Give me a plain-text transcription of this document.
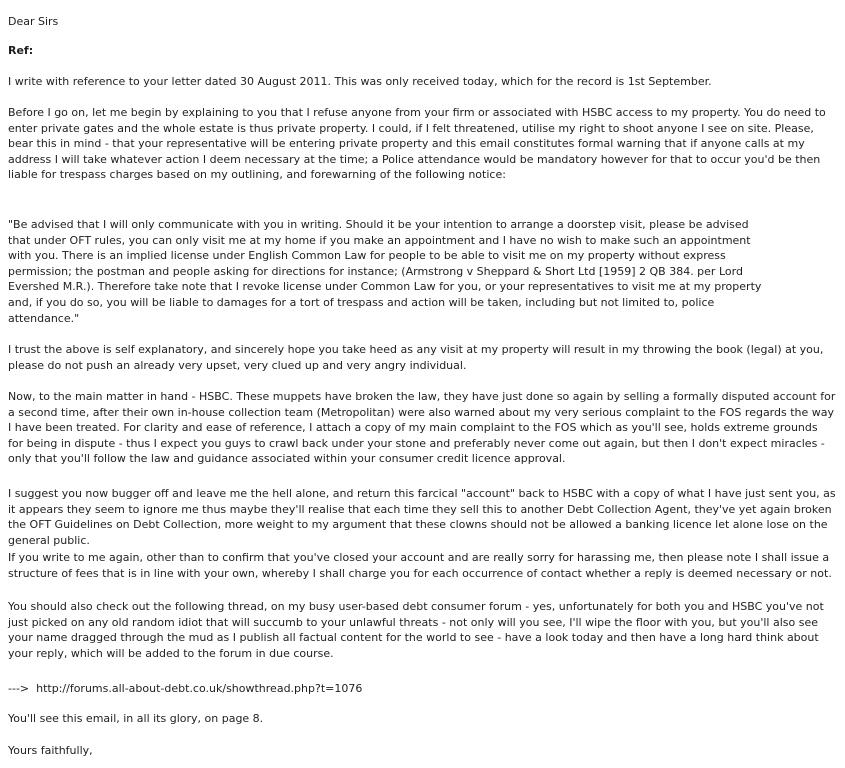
Dear Sirs

Ref:

I write with reference to your letter dated 30 August 2011. This was only received today, which for the record is 1st September.

Before I go on, let me begin by explaining to you that I refuse anyone from your firm or associated with HSBC access to my property. You do need to enter private gates and the whole estate is thus private property. I could, if I felt threatened, utilise my right to shoot anyone I see on site. Please, bear this in mind - that your representative will be entering private property and this email constitutes formal warning that if anyone calls at my address I will take whatever action I deem necessary at the time; a Police attendance would be mandatory however for that to occur you'd be then liable for trespass charges based on my outlining, and forewarning of the following notice:

"Be advised that I will only communicate with you in writing. Should it be your intention to arrange a doorstep visit, please be advised that under OFT rules, you can only visit me at my home if you make an appointment and I have no wish to make such an appointment with you. There is an implied license under English Common Law for people to be able to visit me on my property without express permission; the postman and people asking for directions for instance; (Armstrong v Sheppard & Short Ltd [1959] 2 QB 384. per Lord Evershed M.R.). Therefore take note that I revoke license under Common Law for you, or your representatives to visit me at my property and, if you do so, you will be liable to damages for a tort of trespass and action will be taken, including but not limited to, police attendance."

I trust the above is self explanatory, and sincerely hope you take heed as any visit at my property will result in my throwing the book (legal) at you, please do not push an already very upset, very clued up and very angry individual.

Now, to the main matter in hand - HSBC. These muppets have broken the law, they have just done so again by selling a formally disputed account for a second time, after their own in-house collection team (Metropolitan) were also warned about my very serious complaint to the FOS regards the way I have been treated. For clarity and ease of reference, I attach a copy of my main complaint to the FOS which as you'll see, holds extreme grounds for being in dispute - thus I expect you guys to crawl back under your stone and preferably never come out again, but then I don't expect miracles - only that you'll follow the law and guidance associated within your consumer credit licence approval.

I suggest you now bugger off and leave me the hell alone, and return this farcical "account" back to HSBC with a copy of what I have just sent you, as it appears they seem to ignore me thus maybe they'll realise that each time they sell this to another Debt Collection Agent, they've yet again broken the OFT Guidelines on Debt Collection, more weight to my argument that these clowns should not be allowed a banking licence let alone lose on the general public.

If you write to me again, other than to confirm that you've closed your account and are really sorry for harassing me, then please note I shall issue a structure of fees that is in line with your own, whereby I shall charge you for each occurrence of contact whether a reply is deemed necessary or not.

You should also check out the following thread, on my busy user-based debt consumer forum - yes, unfortunately for both you and HSBC you've not just picked on any old random idiot that will succumb to your unlawful threats - not only will you see, I'll wipe the floor with you, but you'll also see your name dragged through the mud as I publish all factual content for the world to see - have a look today and then have a long hard think about your reply, which will be added to the forum in due course.

---> http://forums.all-about-debt.co.uk/showthread.php?t=1076

You'll see this email, in all its glory, on page 8.

Yours faithfully,
